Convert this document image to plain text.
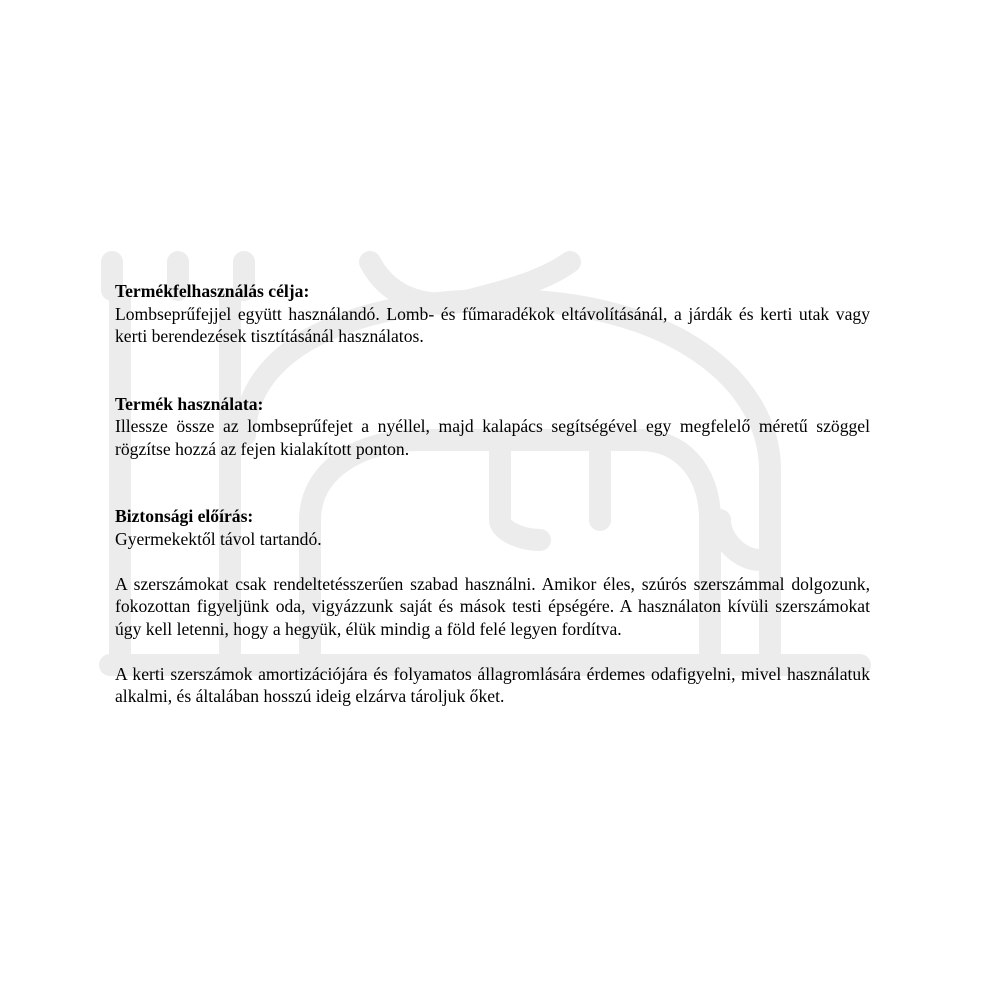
Termékfelhasználás célja:

Lombseprűfejjel együtt használandó. Lomb- és fűmaradékok eltávolításánál, a járdák és kerti utak vagy kerti berendezések tisztításánál használatos.

Termék használata:

Illessze össze az lombseprűfejet a nyéllel, majd kalapács segítségével egy megfelelő méretű szöggel rögzítse hozzá az fejen kialakított ponton.

Biztonsági előírás:

Gyermekektől távol tartandó.

A szerszámokat csak rendeltetésszerűen szabad használni. Amikor éles, szúrós szerszámmal dolgozunk, fokozottan figyeljünk oda, vigyázzunk saját és mások testi épségére. A használaton kívüli szerszámokat úgy kell letenni, hogy a hegyük, élük mindig a föld felé legyen fordítva.

A kerti szerszámok amortizációjára és folyamatos állagromlására érdemes odafigyelni, mivel használatuk alkalmi, és általában hosszú ideig elzárva tároljuk őket.
